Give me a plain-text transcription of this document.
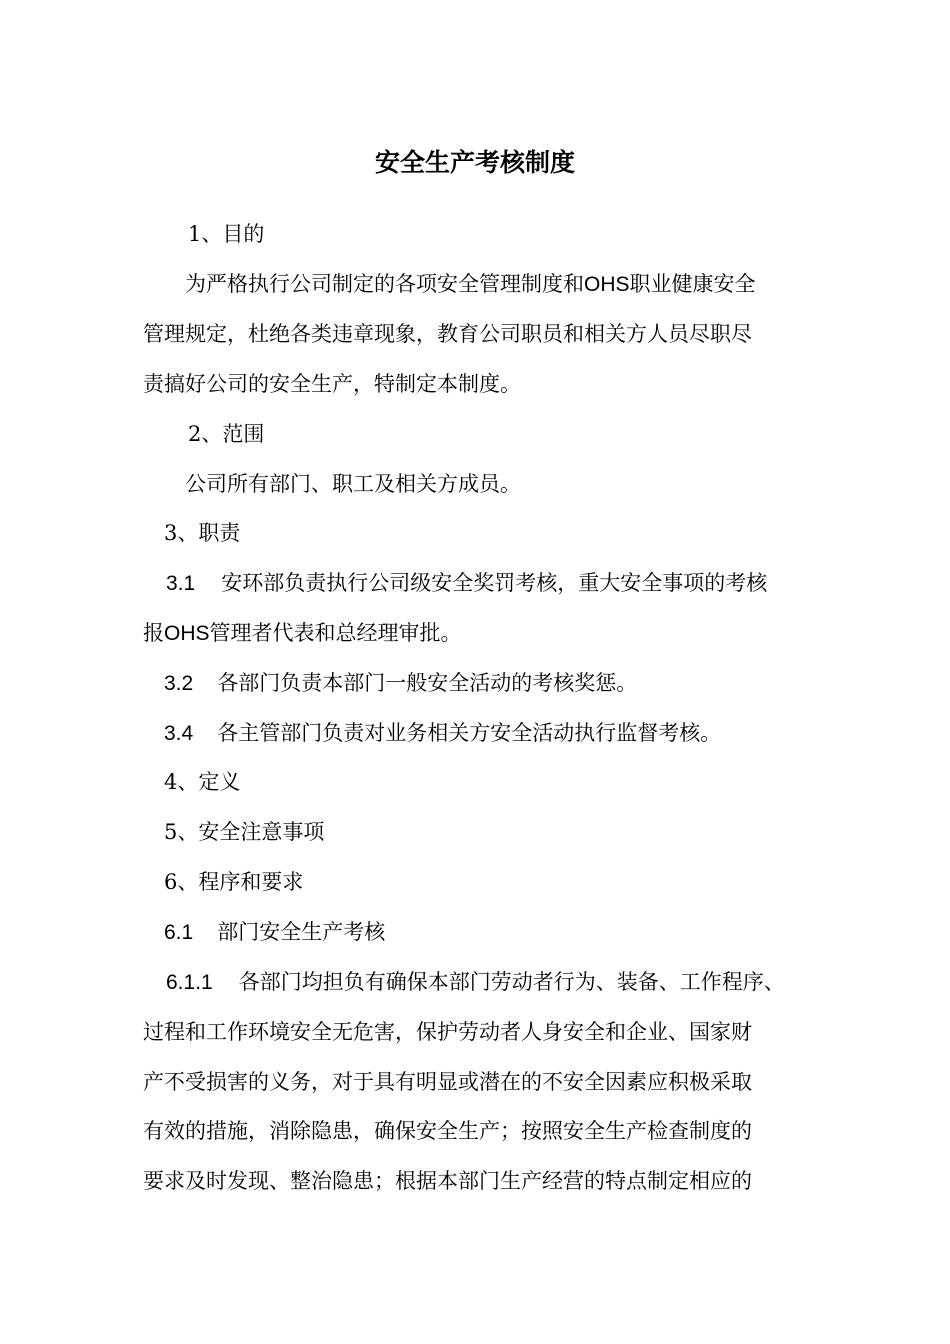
安全生产考核制度
1、目的
为严格执行公司制定的各项安全管理制度和OHS职业健康安全
管理规定，杜绝各类违章现象，教育公司职员和相关方人员尽职尽
责搞好公司的安全生产，特制定本制度。
2、范围
公司所有部门、职工及相关方成员。
3、职责
3.1 安环部负责执行公司级安全奖罚考核，重大安全事项的考核
报OHS管理者代表和总经理审批。
3.2 各部门负责本部门一般安全活动的考核奖惩。
3.4 各主管部门负责对业务相关方安全活动执行监督考核。
4、定义
5、安全注意事项
6、程序和要求
6.1 部门安全生产考核
6.1.1 各部门均担负有确保本部门劳动者行为、装备、工作程序、
过程和工作环境安全无危害，保护劳动者人身安全和企业、国家财
产不受损害的义务，对于具有明显或潜在的不安全因素应积极采取
有效的措施，消除隐患，确保安全生产；按照安全生产检查制度的
要求及时发现、整治隐患；根据本部门生产经营的特点制定相应的
